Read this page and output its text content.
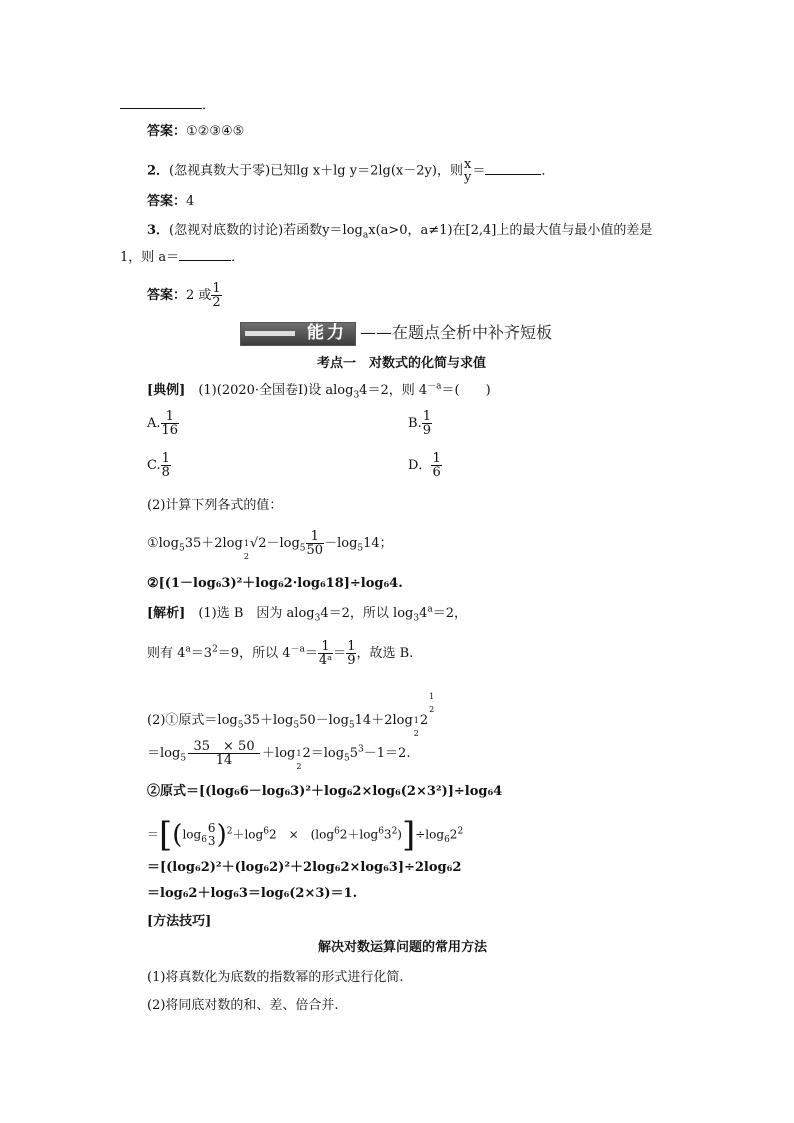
．
答案：①②③④⑤
2．(忽视真数大于零)已知lg x＋lg y＝2lg(x－2y)，则 x
y ＝	．
答案：4
3．(忽视对底数的讨论)若函数$y=\log_ax(a>0$，a≠1)在[2,4]上的最大值与最小值的差是
1，则 a＝	．
答案：2 或 $\frac{1}{2}$
能力 ——在题点全析中补齐短板
考点一　对数式的化简与求值
[典例]　 (1)(2020·全国卷Ⅰ)设 alog$_3$4＝2，则 $4^{-a}=$(　　)
A. $\frac{1}{16}$	B. $\frac{1}{9}$
C. $\frac{1}{8}$	D． $\frac{1}{6}$
(2)计算下列各式的值：
$①\log_535+2\log$ 1
2
$√2-\log_5 \frac{1}{50} -\log_514$；
②[(1－log₆3)²＋log₆2·log₆18]÷log₆4.
[解析]　 (1)选 B　因为 alog$_3$4＝2，所以 $\log_34^a=2$，
则有 $4^a=3^2=9$，所以 $4^{-a}= \frac{1}{\text{4ᵃ}} = \frac{1}{9}$ ，故选 B.
(2)①原式$=\log_535+\log_550-\log_514+2\log$ 1
2
2
1
2
$=\log_5 \frac{35 \times 50}{14} +\log$ 1
2
$2=\log_55^3-1=2$.
②原式＝[(log₆6－log₆3)²＋log₆2×log₆(2×3²)]÷log₆4
$=[(\log_6$
6
3 )$^2+\log^62$　×　$(\log^62+\log^63^2)]\div\log_62^2$
＝[(log₆2)²＋(log₆2)²＋2log₆2×log₆3]÷2log₆2
＝log₆2＋log₆3＝log₆(2×3)＝1.
[方法技巧]
解决对数运算问题的常用方法
(1)将真数化为底数的指数幂的形式进行化简.
(2)将同底对数的和、差、倍合并.
